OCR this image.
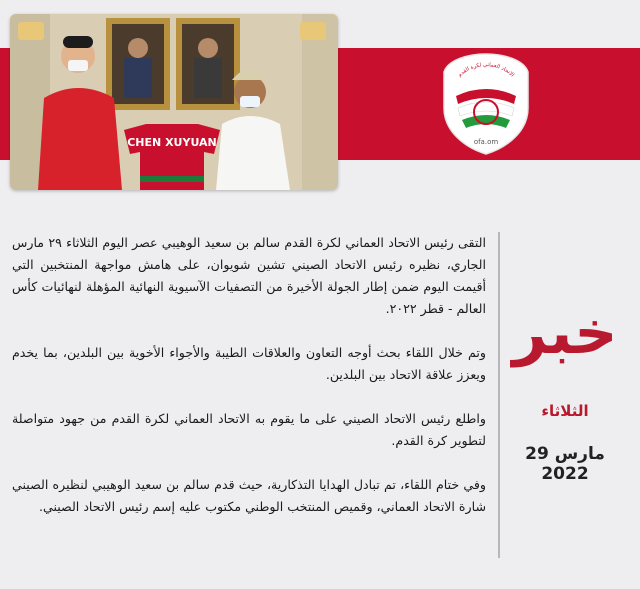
CHEN XUYUAN
الاتحاد العماني لكرة القدم
ofa.om

التقى رئيس الاتحاد العماني لكرة القدم سالم بن سعيد الوهيبي عصر اليوم الثلاثاء ٢٩ مارس الجاري، نظيره رئيس الاتحاد الصيني تشين شويوان، على هامش مواجهة المنتخبين التي أقيمت اليوم ضمن إطار الجولة الأخيرة من التصفيات الآسيوية النهائية المؤهلة لنهائيات كأس العالم - قطر ٢٠٢٢.

وتم خلال اللقاء بحث أوجه التعاون والعلاقات الطيبة والأجواء الأخوية بين البلدين، بما يخدم ويعزز علاقة الاتحاد بين البلدين.

واطلع رئيس الاتحاد الصيني على ما يقوم به الاتحاد العماني لكرة القدم من جهود متواصلة لتطوير كرة القدم.

وفي ختام اللقاء، تم تبادل الهدايا التذكارية، حيث قدم سالم بن سعيد الوهيبي لنظيره الصيني شارة الاتحاد العماني، وقميص المنتخب الوطني مكتوب عليه إسم رئيس الاتحاد الصيني.

خبر
الثلاثاء
29 مارس 2022
